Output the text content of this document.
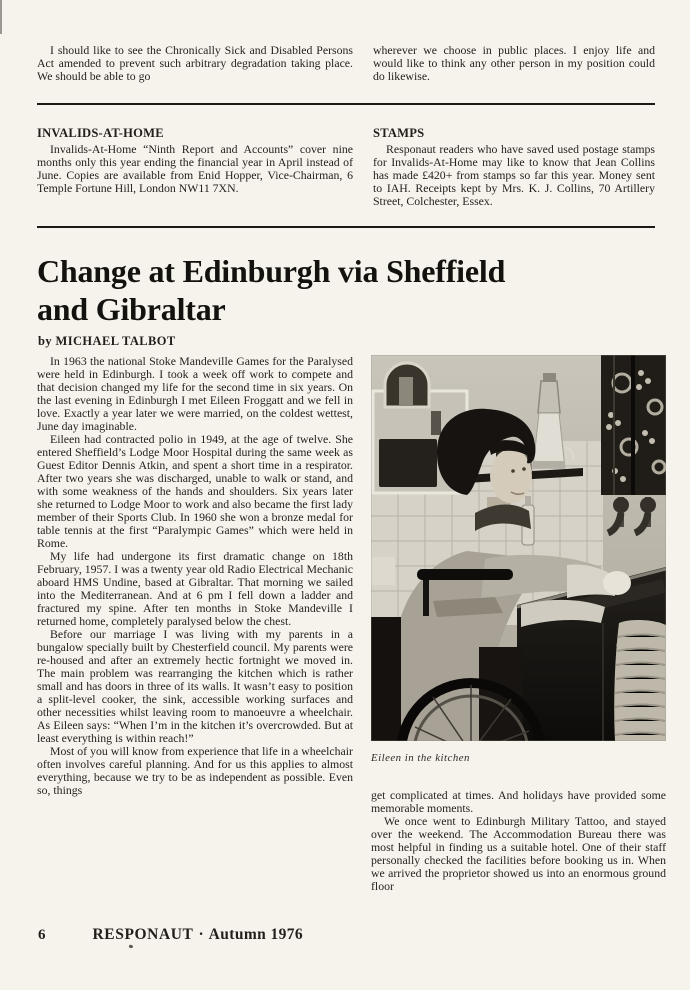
I should like to see the Chronically Sick and Disabled Persons Act amended to prevent such arbitrary degradation taking place. We should be able to go

wherever we choose in public places. I enjoy life and would like to think any other person in my position could do likewise.

INVALIDS-AT-HOME

Invalids-At-Home “Ninth Report and Accounts” cover nine months only this year ending the financial year in April instead of June. Copies are available from Enid Hopper, Vice-Chairman, 6 Temple Fortune Hill, London NW11 7XN.

STAMPS

Responaut readers who have saved used postage stamps for Invalids-At-Home may like to know that Jean Collins has made £420+ from stamps so far this year. Money sent to IAH. Receipts kept by Mrs. K. J. Collins, 70 Artillery Street, Colchester, Essex.

Change at Edinburgh via Sheffield
and Gibraltar
by MICHAEL TALBOT

In 1963 the national Stoke Mandeville Games for the Paralysed were held in Edinburgh. I took a week off work to compete and that decision changed my life for the second time in six years. On the last evening in Edinburgh I met Eileen Froggatt and we fell in love. Exactly a year later we were married, on the coldest wettest, June day imaginable.

Eileen had contracted polio in 1949, at the age of twelve. She entered Sheffield’s Lodge Moor Hospital during the same week as Guest Editor Dennis Atkin, and spent a short time in a respirator. After two years she was discharged, unable to walk or stand, and with some weakness of the hands and shoulders. Six years later she returned to Lodge Moor to work and also became the first lady member of their Sports Club. In 1960 she won a bronze medal for table tennis at the first “Paralympic Games” which were held in Rome.

My life had undergone its first dramatic change on 18th February, 1957. I was a twenty year old Radio Electrical Mechanic aboard HMS Undine, based at Gibraltar. That morning we sailed into the Mediterranean. And at 6 pm I fell down a ladder and fractured my spine. After ten months in Stoke Mandeville I returned home, completely paralysed below the chest.

Before our marriage I was living with my parents in a bungalow specially built by Chesterfield council. My parents were re-housed and after an extremely hectic fortnight we moved in. The main problem was rearranging the kitchen which is rather small and has doors in three of its walls. It wasn’t easy to position a split-level cooker, the sink, accessible working surfaces and other necessities whilst leaving room to manoeuvre a wheelchair. As Eileen says: “When I’m in the kitchen it’s overcrowded. But at least everything is within reach!”

Most of you will know from experience that life in a wheelchair often involves careful planning. And for us this applies to almost everything, because we try to be as independent as possible. Even so, things

Eileen in the kitchen

get complicated at times. And holidays have provided some memorable moments.

We once went to Edinburgh Military Tattoo, and stayed over the weekend. The Accommodation Bureau there was most helpful in finding us a suitable hotel. One of their staff personally checked the facilities before booking us in. When we arrived the proprietor showed us into an enormous ground floor

6	RESPONAUT · Autumn 1976
